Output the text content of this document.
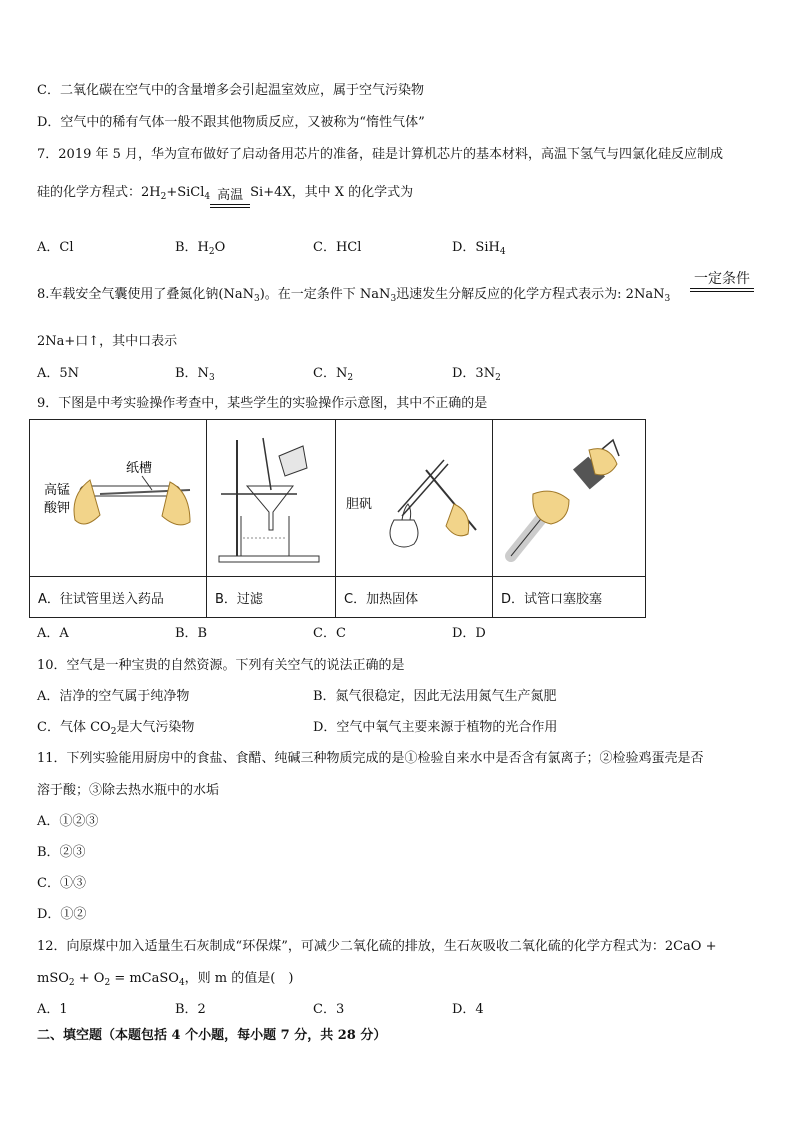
C．二氧化碳在空气中的含量增多会引起温室效应，属于空气污染物
D．空气中的稀有气体一般不跟其他物质反应，又被称为“惰性气体”
7．2019 年 5 月，华为宣布做好了启动备用芯片的准备，硅是计算机芯片的基本材料，高温下氢气与四氯化硅反应制成
硅的化学方程式：$2H_2+SiCl_4$ 高温 Si+4X，其中 X 的化学式为
A．Cl	B．$H_2O$	C．HCl	D．SiH$_4$
8.车载安全气囊使用了叠氮化钠(NaN$_3$)。在一定条件下 NaN$_3$迅速发生分解反应的化学方程式表示为: 2NaN$_3$
一定条件
2Na+口↑，其中口表示
A．5N	B．$N_3$	C．$N_2$	D．$3N_2$
9．下图是中考实验操作考查中，某些学生的实验操作示意图，其中不正确的是
高锰
酸钾
纸槽		胆矾

A．往试管里送入药品	B．过滤	C．加热固体	D．试管口塞胶塞
A．A	B．B	C．C	D．D
10．空气是一种宝贵的自然资源。下列有关空气的说法正确的是
A．洁净的空气属于纯净物	B．氮气很稳定，因此无法用氮气生产氮肥
C．气体 $CO_2$是大气污染物	D．空气中氧气主要来源于植物的光合作用
11．下列实验能用厨房中的食盐、食醋、纯碱三种物质完成的是①检验自来水中是否含有氯离子；②检验鸡蛋壳是否
溶于酸；③除去热水瓶中的水垢
A．①②③
B．②③
C．①③
D．①②
12．向原煤中加入适量生石灰制成“环保煤”，可减少二氧化硫的排放，生石灰吸收二氧化硫的化学方程式为：2CaO +
$mSO_2 + O_2$ = mCaSO$_4$，则 m 的值是(　)
A．1	B．2	C．3	D．4
二、填空题（本题包括 4 个小题，每小题 7 分，共 28 分）
